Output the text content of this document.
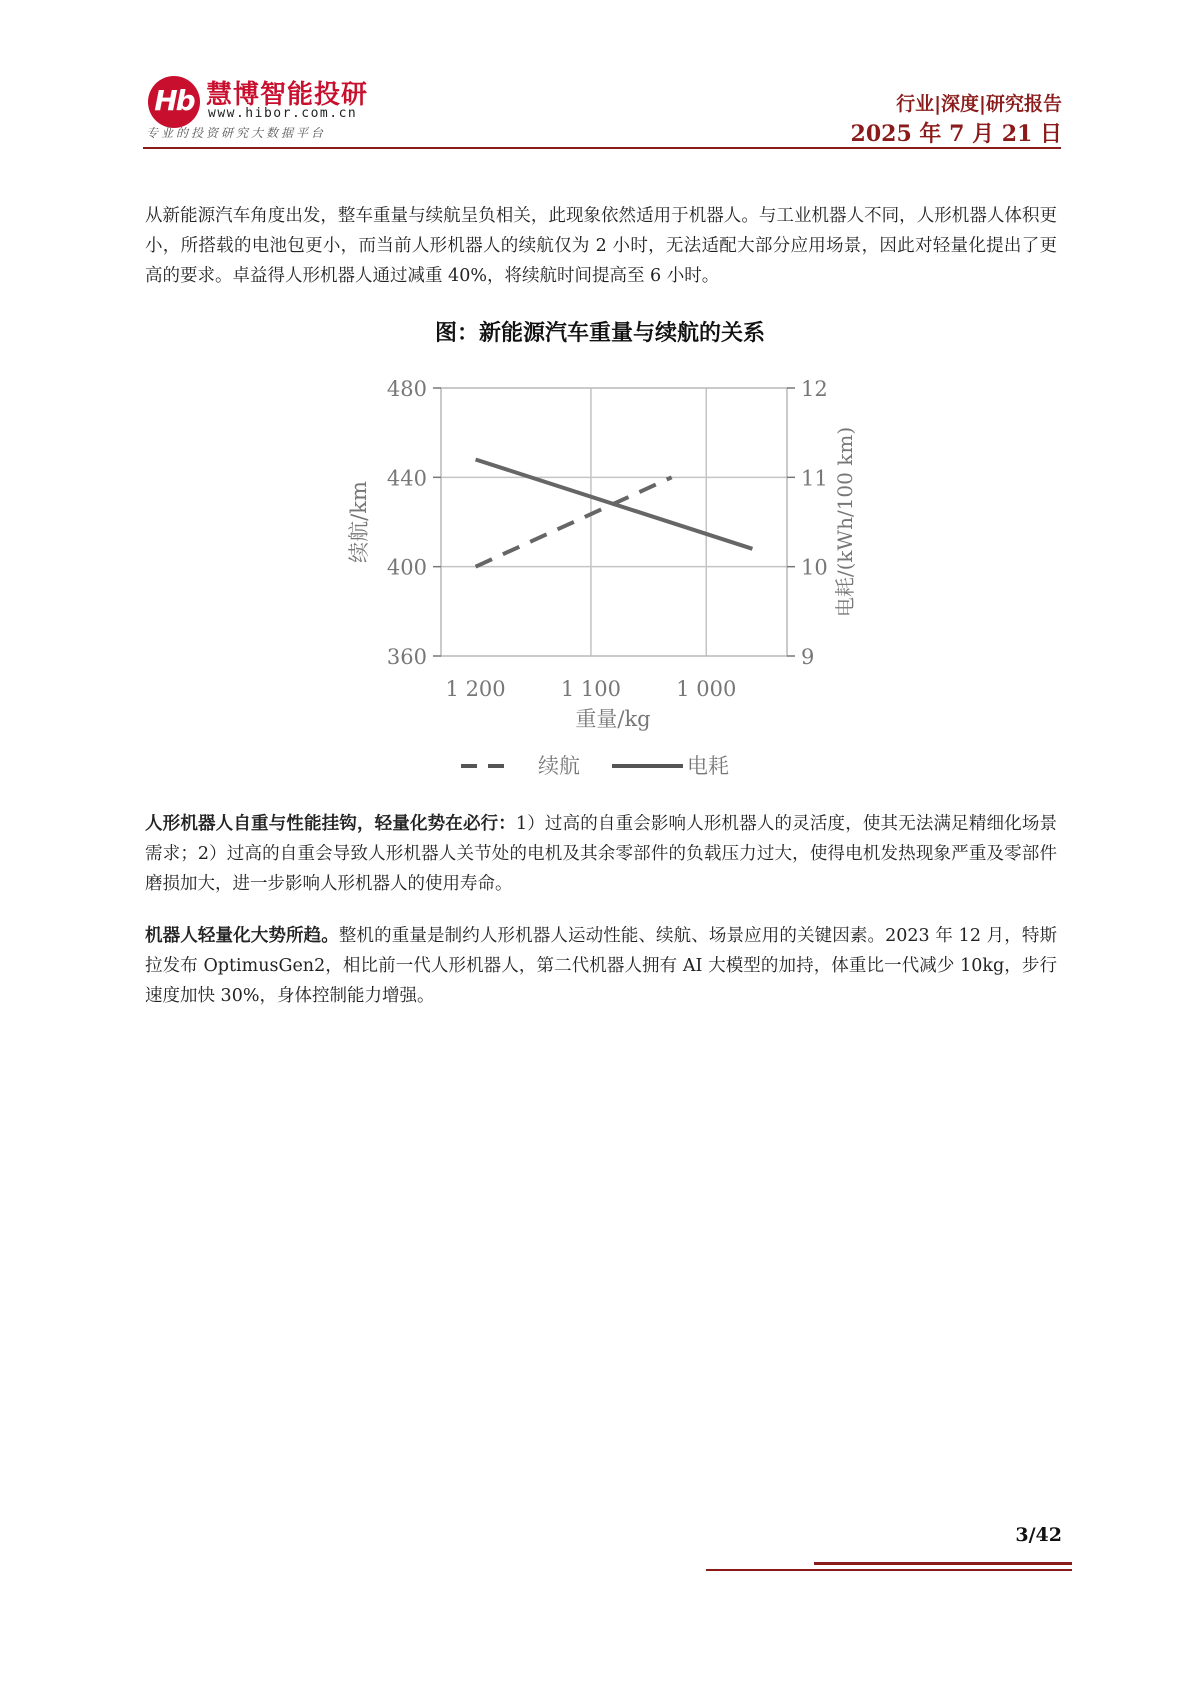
Hb 慧博智能投研
www.hibor.com.cn
专业的投资研究大数据平台
行业|深度|研究报告
2025 年 7 月 21 日
从新能源汽车角度出发，整车重量与续航呈负相关，此现象依然适用于机器人。与工业机器人不同，人形机器人体积更小，所搭载的电池包更小，而当前人形机器人的续航仅为 2 小时，无法适配大部分应用场景，因此对轻量化提出了更高的要求。卓益得人形机器人通过减重 40%，将续航时间提高至 6 小时。
图：新能源汽车重量与续航的关系
1 200	1 100	1 000
360
400
440
480
9
10
11
12
重量/kg
续航/km	电耗/(kWh/100 km)
续航	电耗
人形机器人自重与性能挂钩，轻量化势在必行：1）过高的自重会影响人形机器人的灵活度，使其无法满足精细化场景需求；2）过高的自重会导致人形机器人关节处的电机及其余零部件的负载压力过大，使得电机发热现象严重及零部件磨损加大，进一步影响人形机器人的使用寿命。
机器人轻量化大势所趋。整机的重量是制约人形机器人运动性能、续航、场景应用的关键因素。2023 年 12 月，特斯拉发布 OptimusGen2，相比前一代人形机器人，第二代机器人拥有 AI 大模型的加持，体重比一代减少 10kg，步行速度加快 30%，身体控制能力增强。
3/42
